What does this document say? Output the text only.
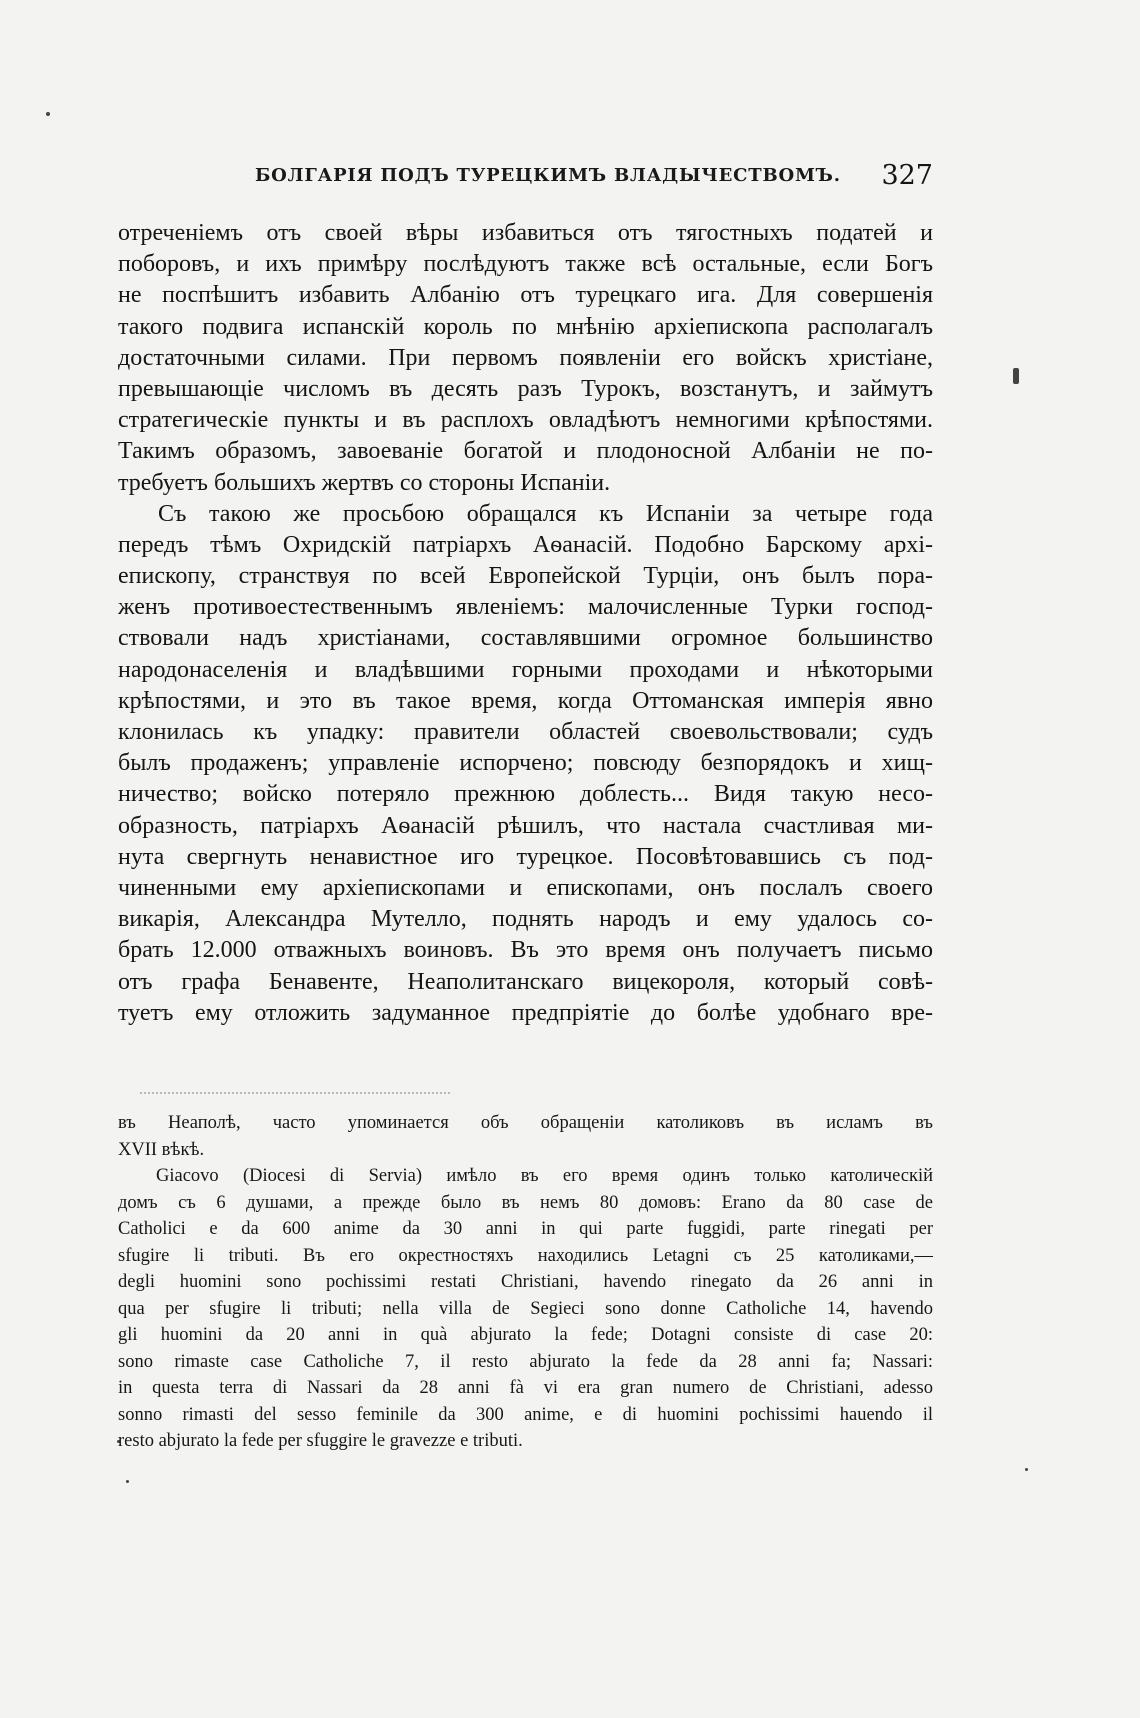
БОЛГАРІЯ ПОДЪ ТУРЕЦКИМЪ ВЛАДЫЧЕСТВОМЪ. 327
отреченіемъ отъ своей вѣры избавиться отъ тягостныхъ податей и
поборовъ, и ихъ примѣру послѣдуютъ также всѣ остальные, если Богъ
не поспѣшитъ избавить Албанію отъ турецкаго ига. Для совершенія
такого подвига испанскій король по мнѣнію архіепископа располагалъ
достаточными силами. При первомъ появленіи его войскъ христіане,
превышающіе числомъ въ десять разъ Турокъ, возстанутъ, и займутъ
стратегическіе пункты и въ расплохъ овладѣютъ немногими крѣпостями.
Такимъ образомъ, завоеваніе богатой и плодоносной Албаніи не по-
требуетъ большихъ жертвъ со стороны Испаніи.
Съ такою же просьбою обращался къ Испаніи за четыре года
передъ тѣмъ Охридскій патріархъ Аѳанасій. Подобно Барскому архі-
епископу, странствуя по всей Европейской Турціи, онъ былъ пора-
женъ противоестественнымъ явленіемъ: малочисленные Турки господ-
ствовали надъ христіанами, составлявшими огромное большинство
народонаселенія и владѣвшими горными проходами и нѣкоторыми
крѣпостями, и это въ такое время, когда Оттоманская имперія явно
клонилась къ упадку: правители областей своевольствовали; судъ
былъ продаженъ; управленіе испорчено; повсюду безпорядокъ и хищ-
ничество; войско потеряло прежнюю доблесть... Видя такую несо-
образность, патріархъ Аѳанасій рѣшилъ, что настала счастливая ми-
нута свергнуть ненавистное иго турецкое. Посовѣтовавшись съ под-
чиненными ему архіепископами и епископами, онъ послалъ своего
викарія, Александра Мутелло, поднять народъ и ему удалось со-
брать 12.000 отважныхъ воиновъ. Въ это время онъ получаетъ письмо
отъ графа Бенавенте, Неаполитанскаго вицекороля, который совѣ-
туетъ ему отложить задуманное предпріятіе до болѣе удобнаго вре-
въ Неаполѣ, часто упоминается объ обращеніи католиковъ въ исламъ въ
XVII вѣкѣ.
Giacovo (Diocesi di Servia) имѣло въ его время одинъ только католическій
домъ съ 6 душами, а прежде было въ немъ 80 домовъ: Erano da 80 case de
Catholici e da 600 anime da 30 anni in qui parte fuggidi, parte rinegati per
sfugire li tributi. Въ его окрестностяхъ находились Letagni съ 25 католиками,—
degli huomini sono pochissimi restati Christiani, havendo rinegato da 26 anni in
qua per sfugire li tributi; nella villa de Segieci sono donne Catholiche 14, havendo
gli huomini da 20 anni in quà abjurato la fede; Dotagni consiste di case 20:
sono rimaste case Catholiche 7, il resto abjurato la fede da 28 anni fa; Nassari:
in questa terra di Nassari da 28 anni fà vi era gran numero de Christiani, adesso
sonno rimasti del sesso feminile da 300 anime, e di huomini pochissimi hauendo il
resto abjurato la fede per sfuggire le gravezze e tributi.
